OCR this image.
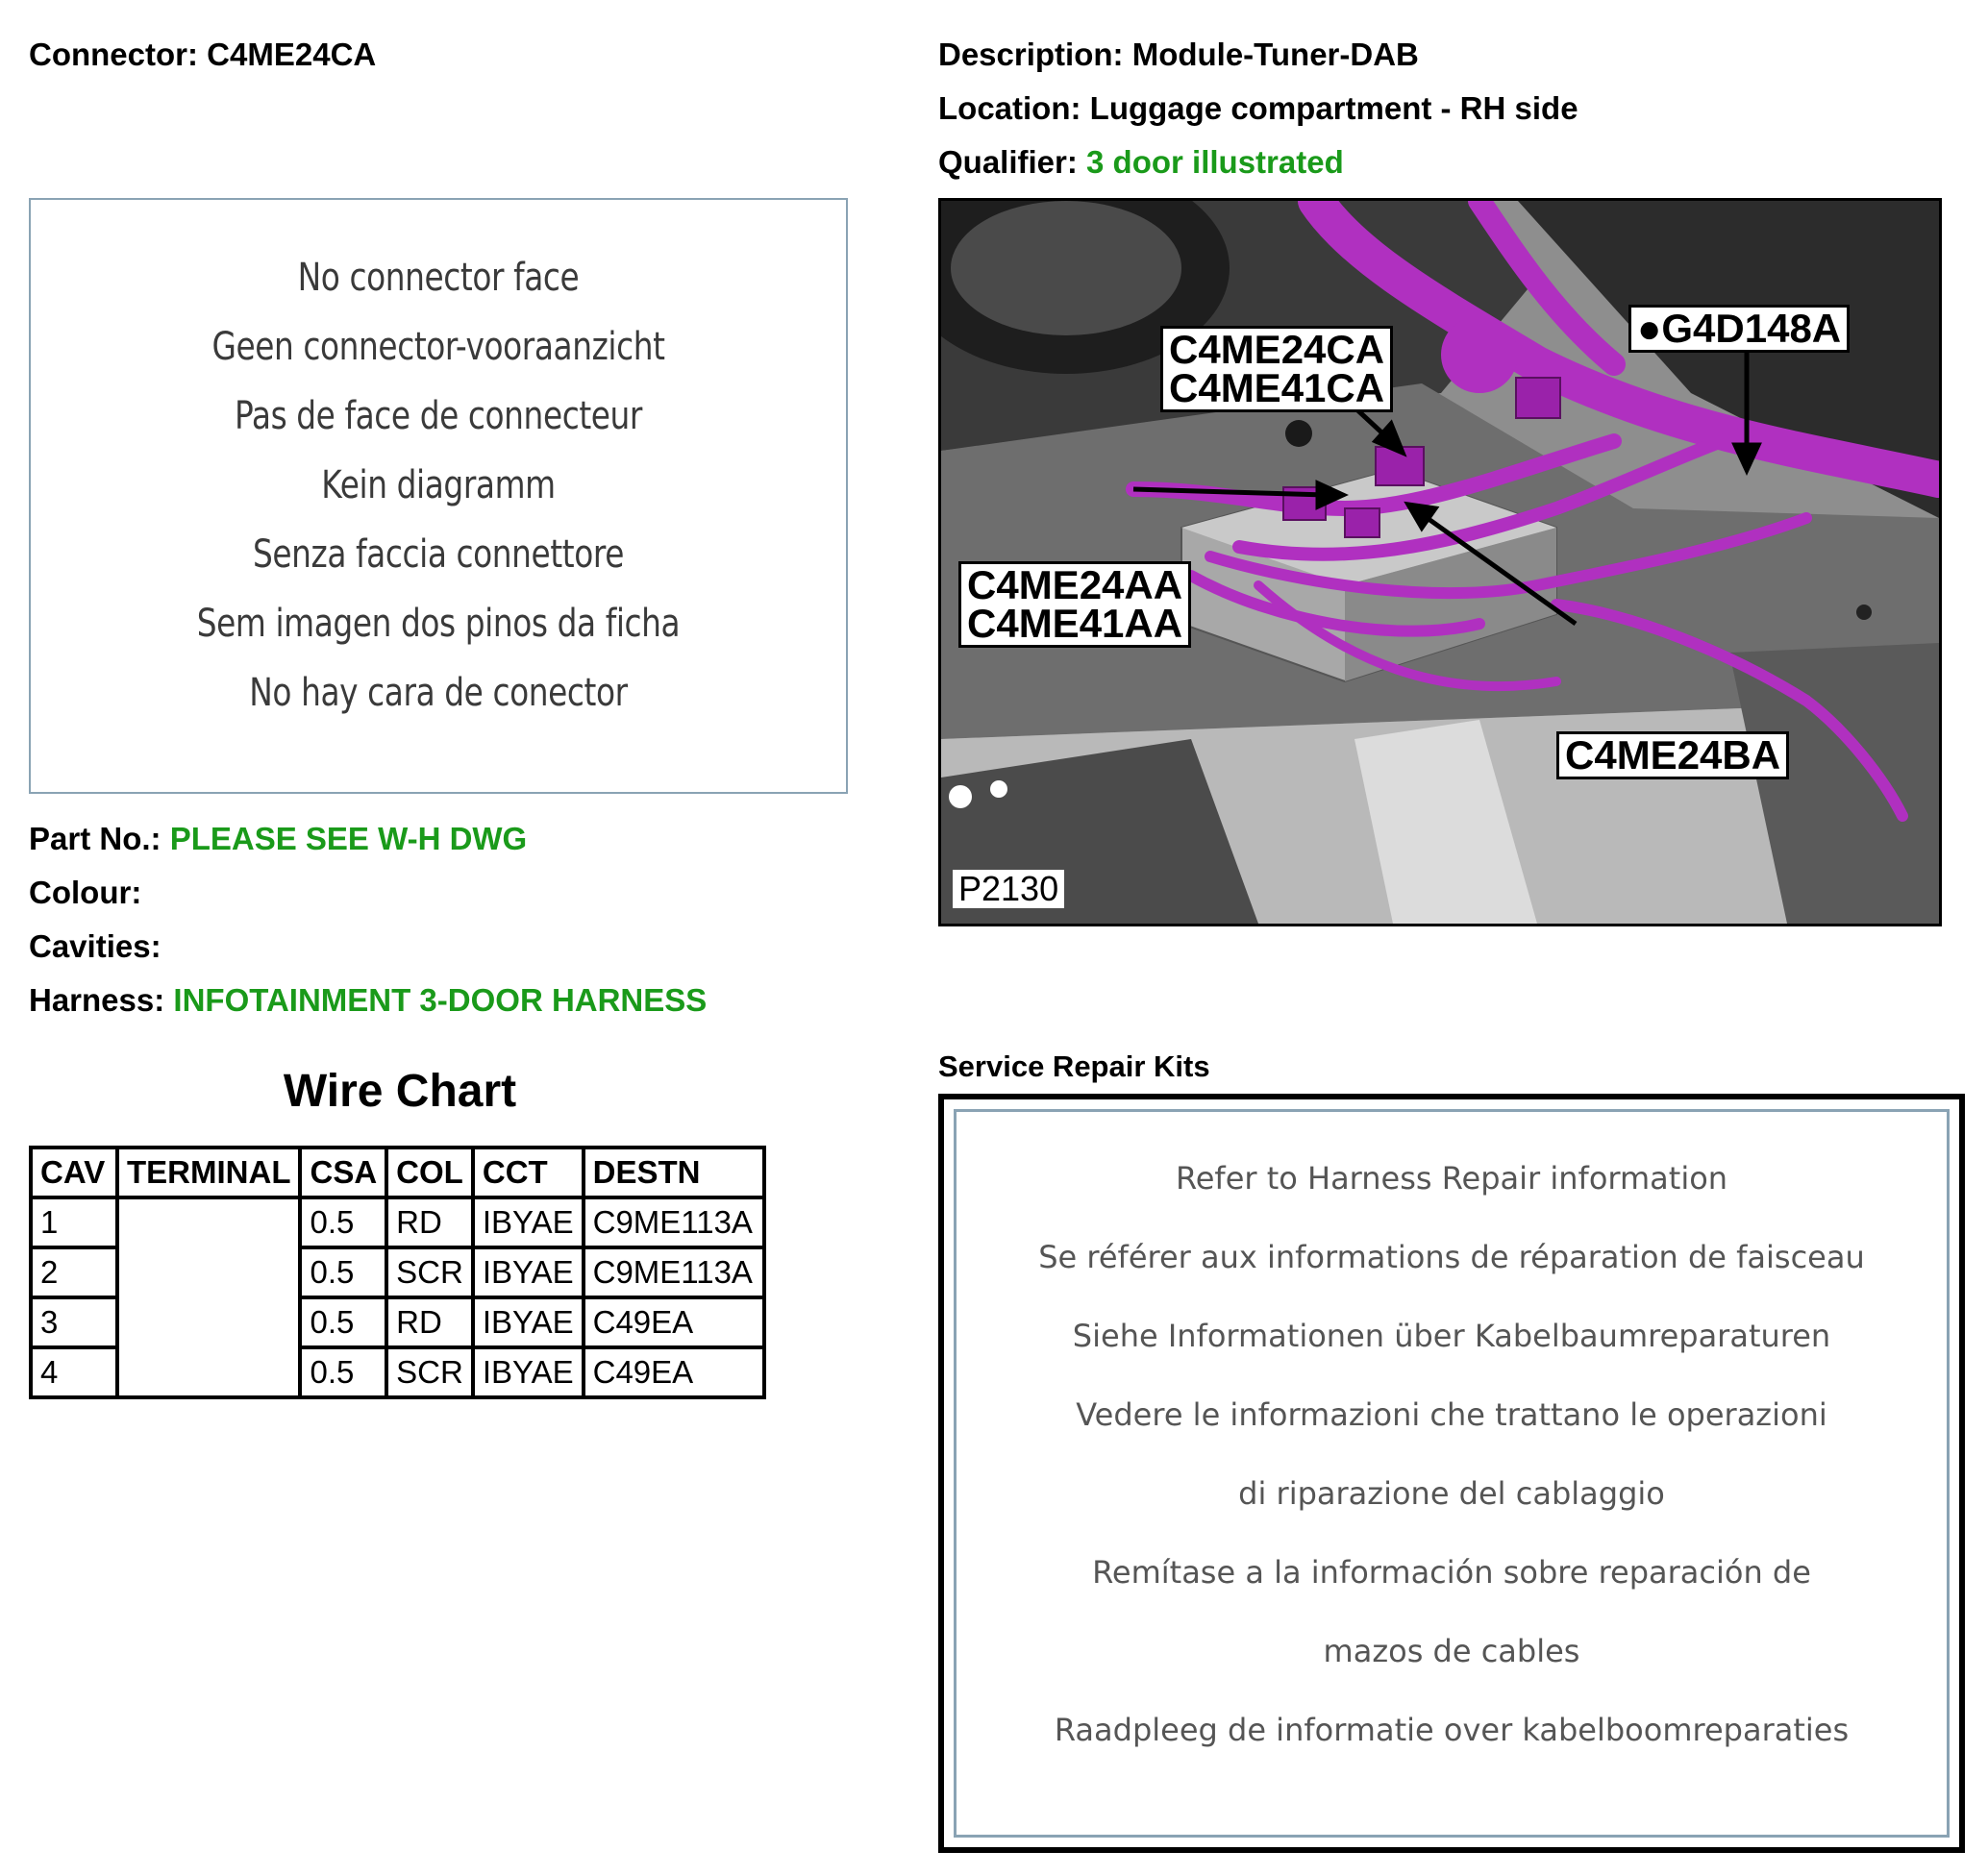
Connector: C4ME24CA	Description: Module-Tuner-DAB
Location: Luggage compartment - RH side
Qualifier: 3 door illustrated
No connector face
Geen connector-vooraanzicht
Pas de face de connecteur
Kein diagramm
Senza faccia connettore
Sem imagen dos pinos da ficha
No hay cara de conector
Part No.: PLEASE SEE W-H DWG
Colour:
Cavities:
Harness: INFOTAINMENT 3-DOOR HARNESS
Wire Chart
CAV	TERMINAL	CSA	COL	CCT	DESTN
1		0.5	RD	IBYAE	C9ME113A
2		0.5	SCR	IBYAE	C9ME113A
3		0.5	RD	IBYAE	C49EA
4		0.5	SCR	IBYAE	C49EA
C4ME24CA
C4ME41CA
●G4D148A
C4ME24AA
C4ME41AA
C4ME24BA
P2130
Service Repair Kits
Refer to Harness Repair information
Se référer aux informations de réparation de faisceau
Siehe Informationen über Kabelbaumreparaturen
Vedere le informazioni che trattano le operazioni
di riparazione del cablaggio
Remítase a la información sobre reparación de
mazos de cables
Raadpleeg de informatie over kabelboomreparaties
